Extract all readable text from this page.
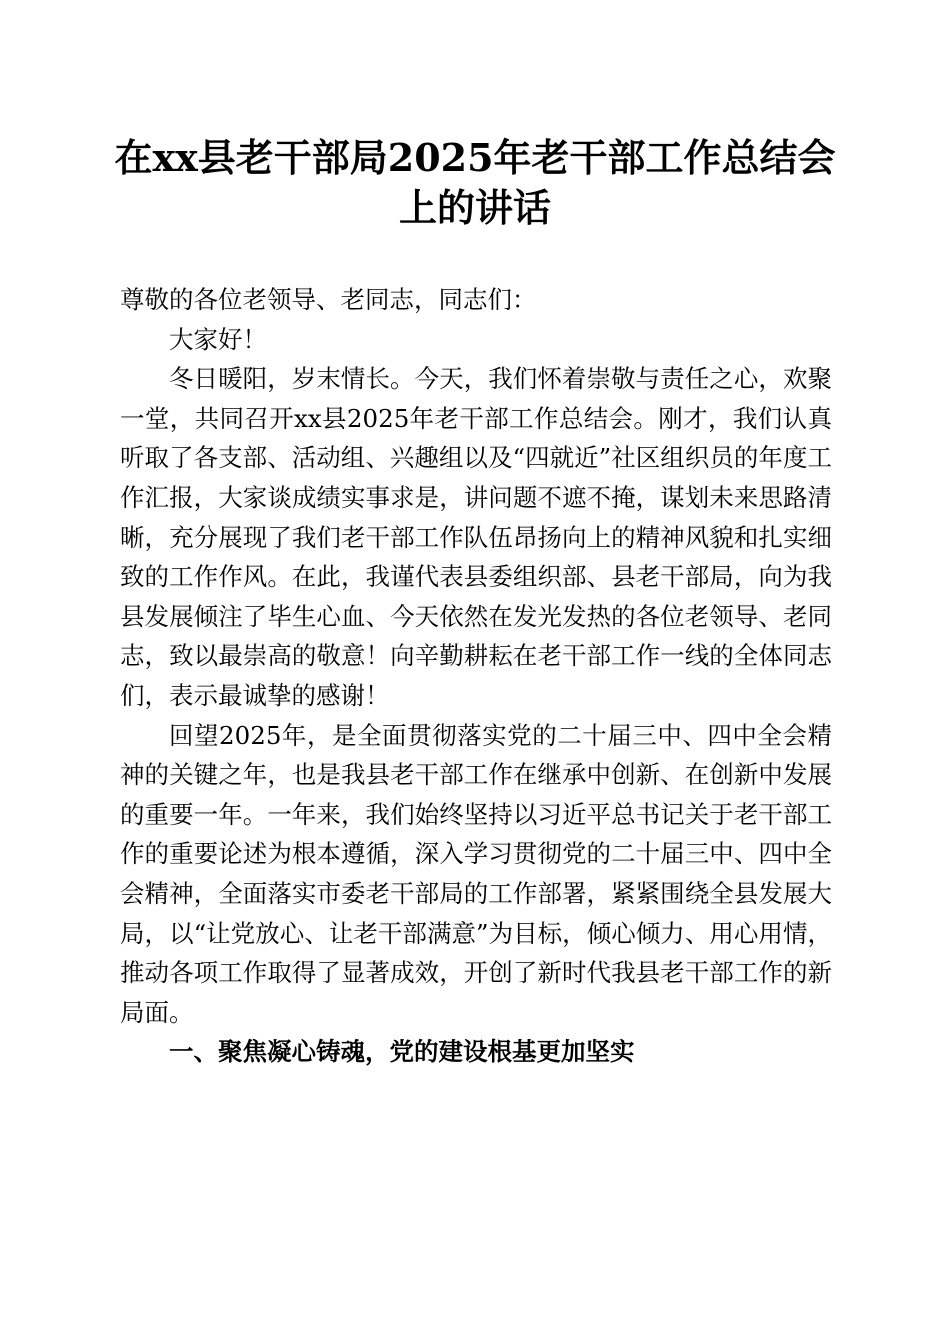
在xx县老干部局2025年老干部工作总结会上的讲话

尊敬的各位老领导、老同志，同志们：

大家好！

冬日暖阳，岁末情长。今天，我们怀着崇敬与责任之心，欢聚一堂，共同召开xx县2025年老干部工作总结会。刚才，我们认真听取了各支部、活动组、兴趣组以及“四就近”社区组织员的年度工作汇报，大家谈成绩实事求是，讲问题不遮不掩，谋划未来思路清晰，充分展现了我们老干部工作队伍昂扬向上的精神风貌和扎实细致的工作作风。在此，我谨代表县委组织部、县老干部局，向为我县发展倾注了毕生心血、今天依然在发光发热的各位老领导、老同志，致以最崇高的敬意！向辛勤耕耘在老干部工作一线的全体同志们，表示最诚挚的感谢！

回望2025年，是全面贯彻落实党的二十届三中、四中全会精神的关键之年，也是我县老干部工作在继承中创新、在创新中发展的重要一年。一年来，我们始终坚持以习近平总书记关于老干部工作的重要论述为根本遵循，深入学习贯彻党的二十届三中、四中全会精神，全面落实市委老干部局的工作部署，紧紧围绕全县发展大局，以“让党放心、让老干部满意”为目标，倾心倾力、用心用情，推动各项工作取得了显著成效，开创了新时代我县老干部工作的新局面。

一、聚焦凝心铸魂，党的建设根基更加坚实
